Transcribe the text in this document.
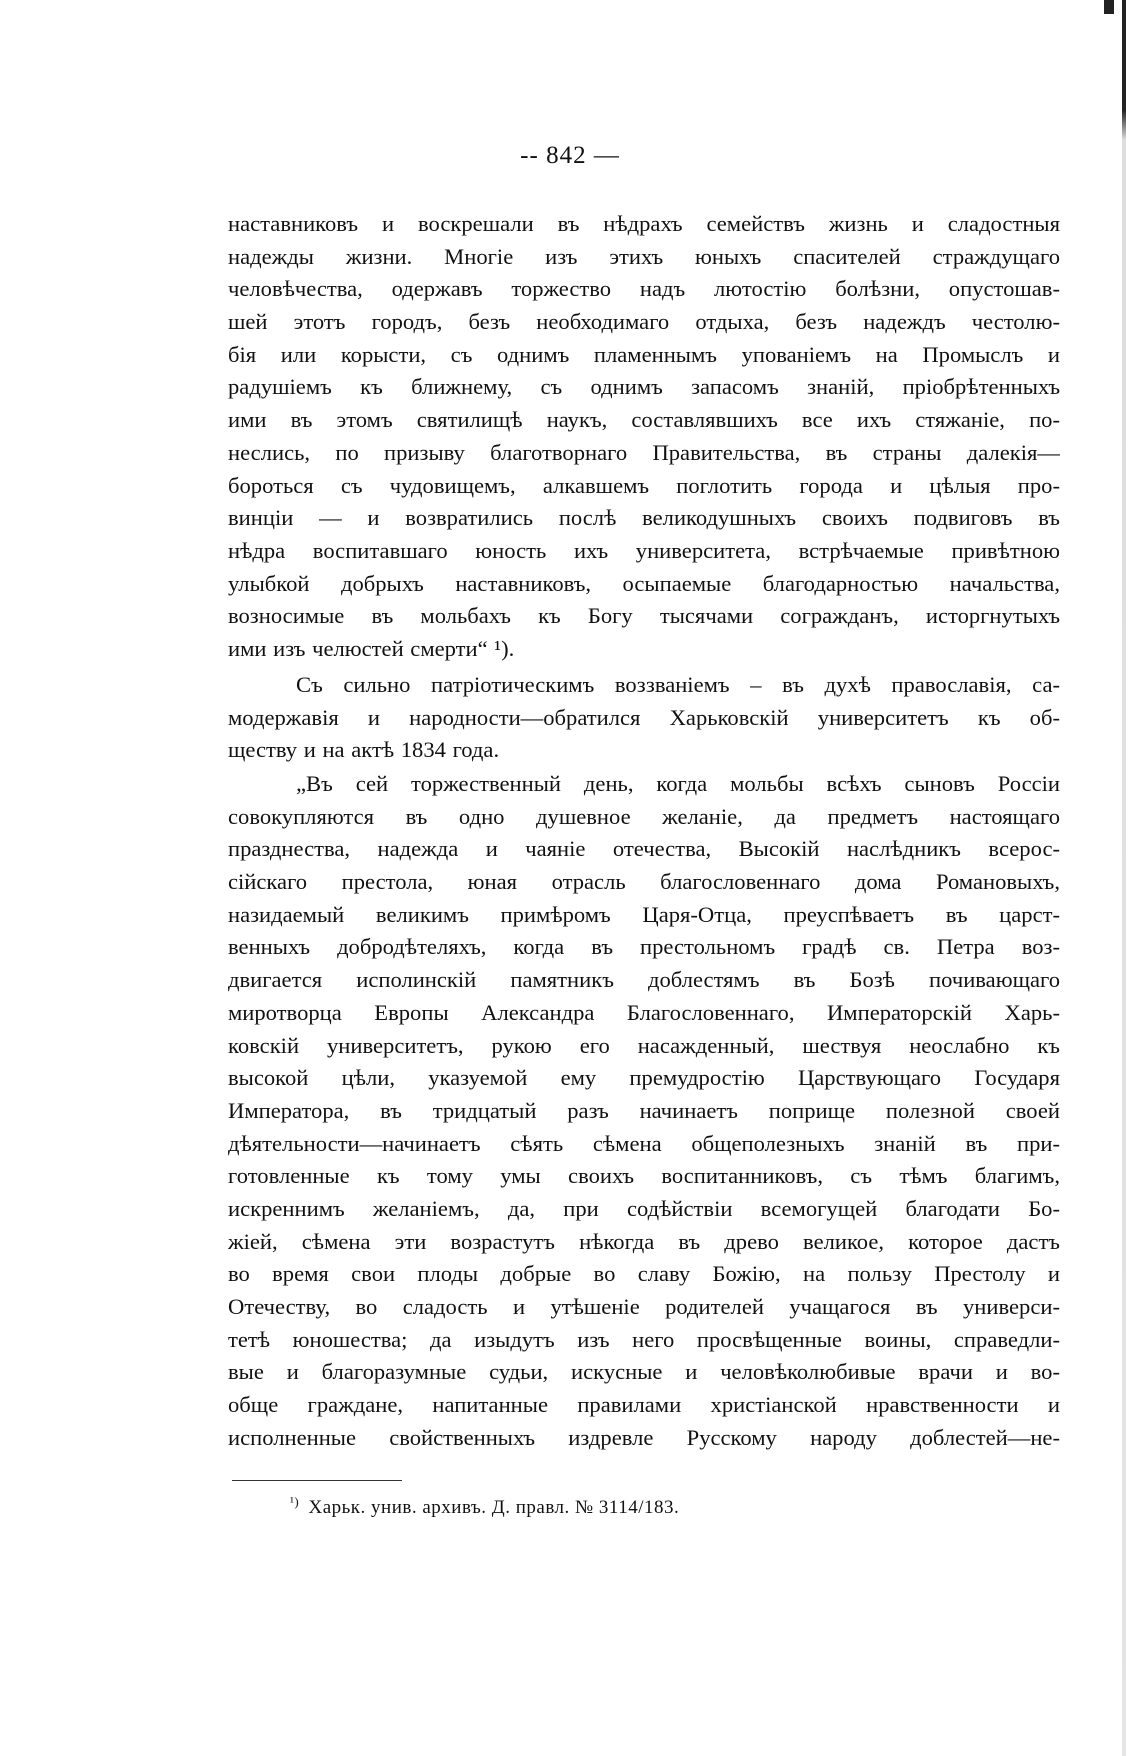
-- 842 —
наставниковъ и воскрешали въ нѣдрахъ семействъ жизнь и сладостныя
надежды жизни. Многіе изъ этихъ юныхъ спасителей страждущаго
человѣчества, одержавъ торжество надъ лютостію болѣзни, опустошав-
шей этотъ городъ, безъ необходимаго отдыха, безъ надеждъ честолю-
бія или корысти, съ однимъ пламеннымъ упованіемъ на Промыслъ и
радушіемъ къ ближнему, съ однимъ запасомъ знаній, пріобрѣтенныхъ
ими въ этомъ святилищѣ наукъ, составлявшихъ все ихъ стяжаніе, по-
неслись, по призыву благотворнаго Правительства, въ страны далекія—
бороться съ чудовищемъ, алкавшемъ поглотить города и цѣлыя про-
винціи — и возвратились послѣ великодушныхъ своихъ подвиговъ въ
нѣдра воспитавшаго юность ихъ университета, встрѣчаемые привѣтною
улыбкой добрыхъ наставниковъ, осыпаемые благодарностью начальства,
возносимые въ мольбахъ къ Богу тысячами согражданъ, исторгнутыхъ
ими изъ челюстей смерти“ ¹).
Съ сильно патріотическимъ воззваніемъ – въ духѣ православія, са-
модержавія и народности—обратился Харьковскій университетъ къ об-
ществу и на актѣ 1834 года.
„Въ сей торжественный день, когда мольбы всѣхъ сыновъ Россіи
совокупляются въ одно душевное желаніе, да предметъ настоящаго
празднества, надежда и чаяніе отечества, Высокій наслѣдникъ всерос-
сійскаго престола, юная отрасль благословеннаго дома Романовыхъ,
назидаемый великимъ примѣромъ Царя-Отца, преуспѣваетъ въ царст-
венныхъ добродѣтеляхъ, когда въ престольномъ градѣ св. Петра воз-
двигается исполинскій памятникъ доблестямъ въ Бозѣ почивающаго
миротворца Европы Александра Благословеннаго, Императорскій Харь-
ковскій университетъ, рукою его насажденный, шествуя неослабно къ
высокой цѣли, указуемой ему премудростію Царствующаго Государя
Императора, въ тридцатый разъ начинаетъ поприще полезной своей
дѣятельности—начинаетъ сѣять сѣмена общеполезныхъ знаній въ при-
готовленные къ тому умы своихъ воспитанниковъ, съ тѣмъ благимъ,
искреннимъ желаніемъ, да, при содѣйствіи всемогущей благодати Бо-
жіей, сѣмена эти возрастутъ нѣкогда въ древо великое, которое дастъ
во время свои плоды добрые во славу Божію, на пользу Престолу и
Отечеству, во сладость и утѣшеніе родителей учащагося въ универси-
тетѣ юношества; да изыдутъ изъ него просвѣщенные воины, справедли-
вые и благоразумные судьи, искусные и человѣколюбивые врачи и во-
обще граждане, напитанные правилами христіанской нравственности и
исполненные свойственныхъ издревле Русскому народу доблестей—не-
$^{^1)}$ Харьк. унив. архивъ. Д. правл. № 3114/183.
